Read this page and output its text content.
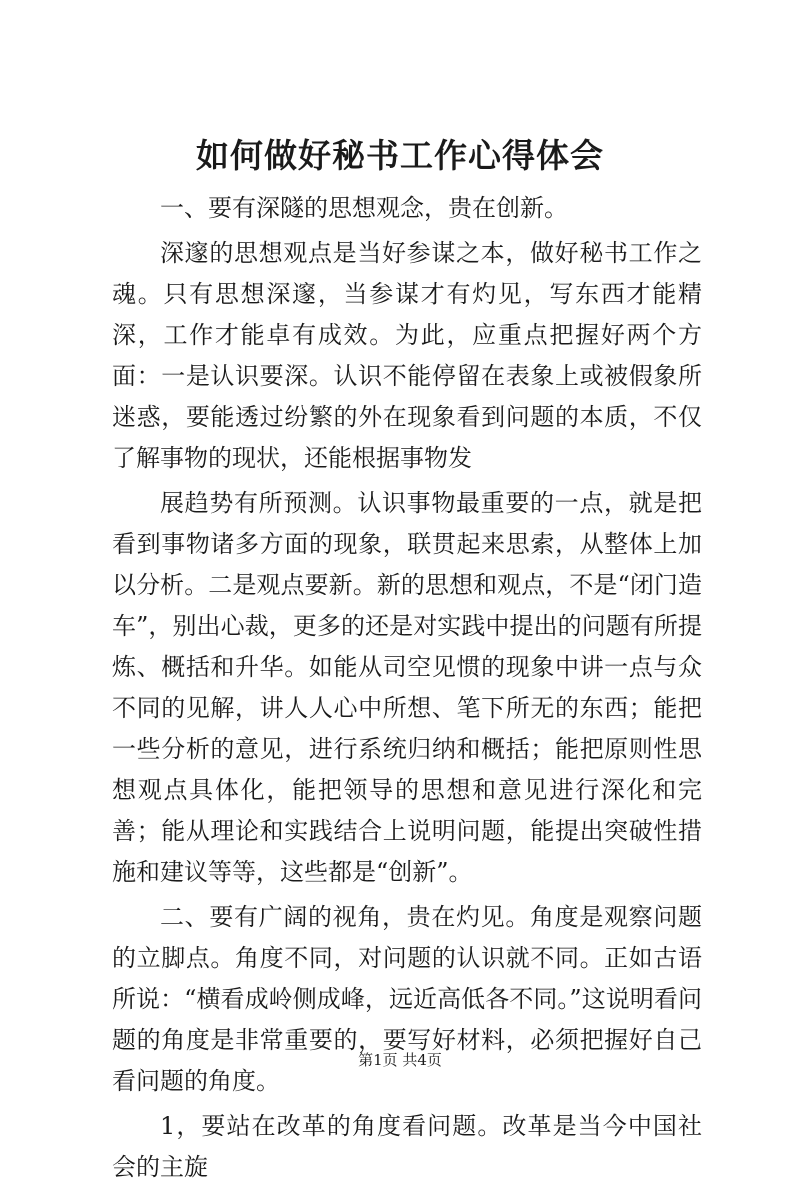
如何做好秘书工作心得体会

一、要有深隧的思想观念，贵在创新。

深邃的思想观点是当好参谋之本，做好秘书工作之魂。只有思想深邃，当参谋才有灼见，写东西才能精深，工作才能卓有成效。为此，应重点把握好两个方面：一是认识要深。认识不能停留在表象上或被假象所迷惑，要能透过纷繁的外在现象看到问题的本质，不仅了解事物的现状，还能根据事物发

展趋势有所预测。认识事物最重要的一点，就是把看到事物诸多方面的现象，联贯起来思索，从整体上加以分析。二是观点要新。新的思想和观点，不是“闭门造车”，别出心裁，更多的还是对实践中提出的问题有所提炼、概括和升华。如能从司空见惯的现象中讲一点与众不同的见解，讲人人心中所想、笔下所无的东西；能把一些分析的意见，进行系统归纳和概括；能把原则性思想观点具体化，能把领导的思想和意见进行深化和完善；能从理论和实践结合上说明问题，能提出突破性措施和建议等等，这些都是“创新”。

二、要有广阔的视角，贵在灼见。角度是观察问题的立脚点。角度不同，对问题的认识就不同。正如古语所说：“横看成岭侧成峰，远近高低各不同。”这说明看问题的角度是非常重要的，要写好材料，必须把握好自己看问题的角度。

1，要站在改革的角度看问题。改革是当今中国社会的主旋

第1页 共4页
